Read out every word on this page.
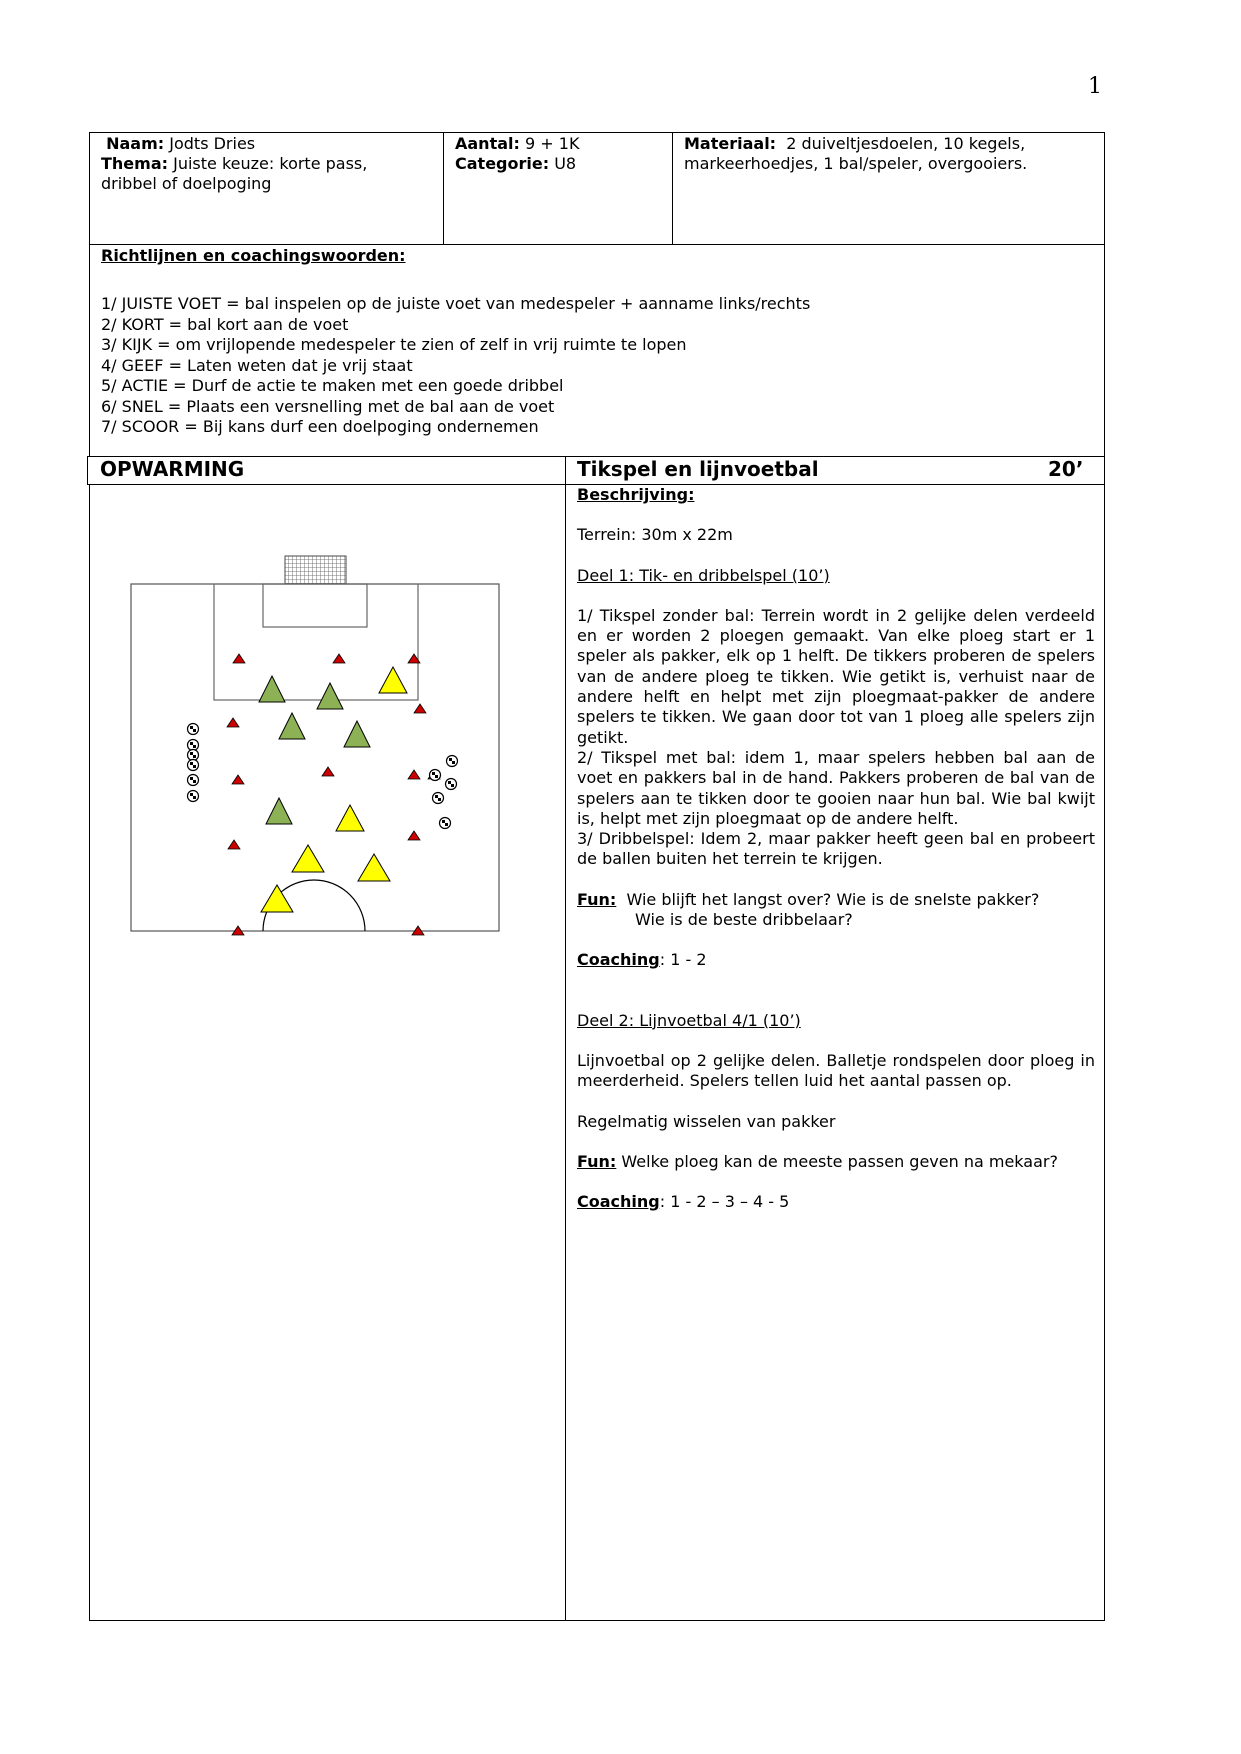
1
Naam: Jodts Dries
Thema: Juiste keuze: korte pass,
dribbel of doelpoging
Aantal: 9 + 1K
Categorie: U8
Materiaal: 2 duiveltjesdoelen, 10 kegels,
markeerhoedjes, 1 bal/speler, overgooiers.
Richtlijnen en coachingswoorden:
1/ JUISTE VOET = bal inspelen op de juiste voet van medespeler + aanname links/rechts
2/ KORT = bal kort aan de voet
3/ KIJK = om vrijlopende medespeler te zien of zelf in vrij ruimte te lopen
4/ GEEF = Laten weten dat je vrij staat
5/ ACTIE = Durf de actie te maken met een goede dribbel
6/ SNEL = Plaats een versnelling met de bal aan de voet
7/ SCOOR = Bij kans durf een doelpoging ondernemen
OPWARMING	Tikspel en lijnvoetbal	20’
Beschrijving:
Terrein: 30m x 22m
Deel 1: Tik- en dribbelspel (10’)

1/ Tikspel zonder bal: Terrein wordt in 2 gelijke delen verdeeld en er worden 2 ploegen gemaakt. Van elke ploeg start er 1 speler als pakker, elk op 1 helft. De tikkers proberen de spelers van de andere ploeg te tikken. Wie getikt is, verhuist naar de andere helft en helpt met zijn ploegmaat-pakker de andere spelers te tikken. We gaan door tot van 1 ploeg alle spelers zijn getikt.

2/ Tikspel met bal: idem 1, maar spelers hebben bal aan de voet en pakkers bal in de hand. Pakkers proberen de bal van de spelers aan te tikken door te gooien naar hun bal. Wie bal kwijt is, helpt met zijn ploegmaat op de andere helft.

3/ Dribbelspel: Idem 2, maar pakker heeft geen bal en probeert de ballen buiten het terrein te krijgen.

Fun: Wie blijft het langst over? Wie is de snelste pakker?
Wie is de beste dribbelaar?
Coaching: 1 - 2
Deel 2: Lijnvoetbal 4/1 (10’)

Lijnvoetbal op 2 gelijke delen. Balletje rondspelen door ploeg in meerderheid. Spelers tellen luid het aantal passen op.

Regelmatig wisselen van pakker
Fun: Welke ploeg kan de meeste passen geven na mekaar?
Coaching: 1 - 2 – 3 – 4 - 5
